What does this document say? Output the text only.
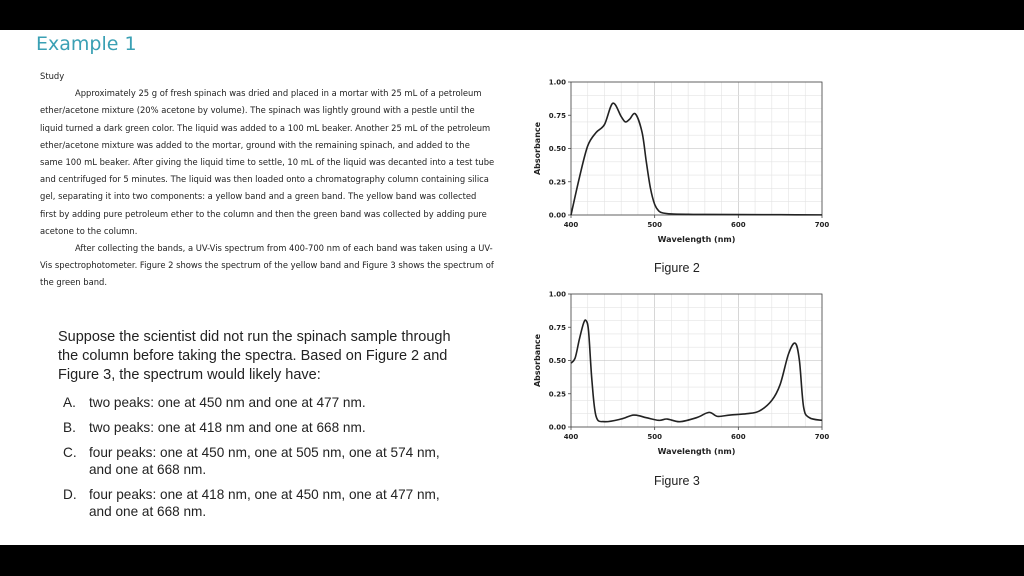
Example 1

Study

Approximately 25 g of fresh spinach was dried and placed in a mortar with 25 mL of a petroleum ether/acetone mixture (20% acetone by volume). The spinach was lightly ground with a pestle until the liquid turned a dark green color. The liquid was added to a 100 mL beaker. Another 25 mL of the petroleum ether/acetone mixture was added to the mortar, ground with the remaining spinach, and added to the same 100 mL beaker. After giving the liquid time to settle, 10 mL of the liquid was decanted into a test tube and centrifuged for 5 minutes. The liquid was then loaded onto a chromatography column containing silica gel, separating it into two components: a yellow band and a green band. The yellow band was collected first by adding pure petroleum ether to the column and then the green band was collected by adding pure acetone to the column.

After collecting the bands, a UV-Vis spectrum from 400-700 nm of each band was taken using a UV-Vis spectrophotometer. Figure 2 shows the spectrum of the yellow band and Figure 3 shows the spectrum of the green band.

Suppose the scientist did not run the spinach sample through the column before taking the spectra. Based on Figure 2 and Figure 3, the spectrum would likely have:
A. two peaks: one at 450 nm and one at 477 nm.
B. two peaks: one at 418 nm and one at 668 nm.
C. four peaks: one at 450 nm, one at 505 nm, one at 574 nm, and one at 668 nm.
D. four peaks: one at 418 nm, one at 450 nm, one at 477 nm, and one at 668 nm.
0.00
0.25
0.50
0.75
1.00
400	500	600	700
Wavelength (nm)
Absorbance
Figure 2
0.00
0.25
0.50
0.75
1.00
400	500	600	700
Wavelength (nm)
Absorbance
Figure 3
